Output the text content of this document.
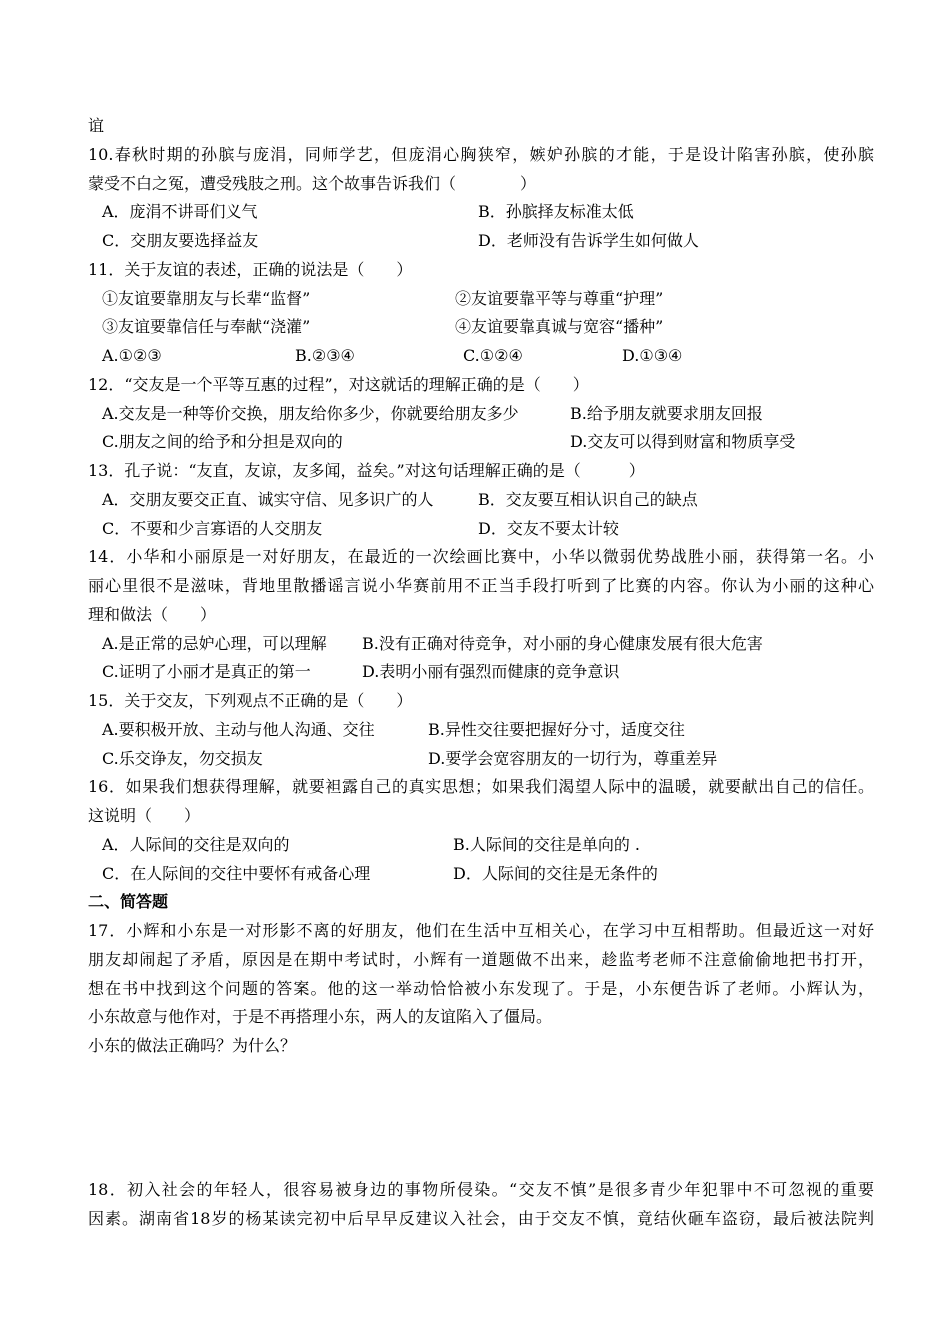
谊
10.春秋时期的孙膑与庞涓，同师学艺，但庞涓心胸狭窄，嫉妒孙膑的才能，于是设计陷害孙膑，使孙膑
蒙受不白之冤，遭受残肢之刑。这个故事告诉我们（　　　　）
A．庞涓不讲哥们义气	B．孙膑择友标准太低
C．交朋友要选择益友	D．老师没有告诉学生如何做人
11．关于友谊的表述，正确的说法是（　　）
①友谊要靠朋友与长辈“监督”	②友谊要靠平等与尊重“护理”
③友谊要靠信任与奉献“浇灌”	④友谊要靠真诚与宽容“播种”
A.①②③	B.②③④	C.①②④	D.①③④
12．“交友是一个平等互惠的过程”，对这就话的理解正确的是（　　）
A.交友是一种等价交换，朋友给你多少，你就要给朋友多少	B.给予朋友就要求朋友回报
C.朋友之间的给予和分担是双向的	D.交友可以得到财富和物质享受
13．孔子说：“友直，友谅，友多闻，益矣。”对这句话理解正确的是（　　　）
A．交朋友要交正直、诚实守信、见多识广的人	B．交友要互相认识自己的缺点
C．不要和少言寡语的人交朋友	D．交友不要太计较
14．小华和小丽原是一对好朋友，在最近的一次绘画比赛中，小华以微弱优势战胜小丽，获得第一名。小
丽心里很不是滋味，背地里散播谣言说小华赛前用不正当手段打听到了比赛的内容。你认为小丽的这种心
理和做法（　　）
A.是正常的忌妒心理，可以理解 B.没有正确对待竞争，对小丽的身心健康发展有很大危害
C.证明了小丽才是真正的第一	D.表明小丽有强烈而健康的竞争意识
15．关于交友，下列观点不正确的是（　　）
A.要积极开放、主动与他人沟通、交往	B.异性交往要把握好分寸，适度交往
C.乐交诤友，勿交损友	D.要学会宽容朋友的一切行为，尊重差异
16．如果我们想获得理解，就要袒露自己的真实思想；如果我们渴望人际中的温暖，就要献出自己的信任。
这说明（　　）
A．人际间的交往是双向的	B.人际间的交往是单向的 .
C．在人际间的交往中要怀有戒备心理	D．人际间的交往是无条件的
二、简答题
17．小辉和小东是一对形影不离的好朋友，他们在生活中互相关心，在学习中互相帮助。但最近这一对好
朋友却闹起了矛盾，原因是在期中考试时，小辉有一道题做不出来，趁监考老师不注意偷偷地把书打开，
想在书中找到这个问题的答案。他的这一举动恰恰被小东发现了。于是，小东便告诉了老师。小辉认为，
小东故意与他作对，于是不再搭理小东，两人的友谊陷入了僵局。
小东的做法正确吗？为什么？
18．初入社会的年轻人，很容易被身边的事物所侵染。“交友不慎”是很多青少年犯罪中不可忽视的重要
因素。湖南省18岁的杨某读完初中后早早反建议入社会，由于交友不慎，竟结伙砸车盗窃，最后被法院判
